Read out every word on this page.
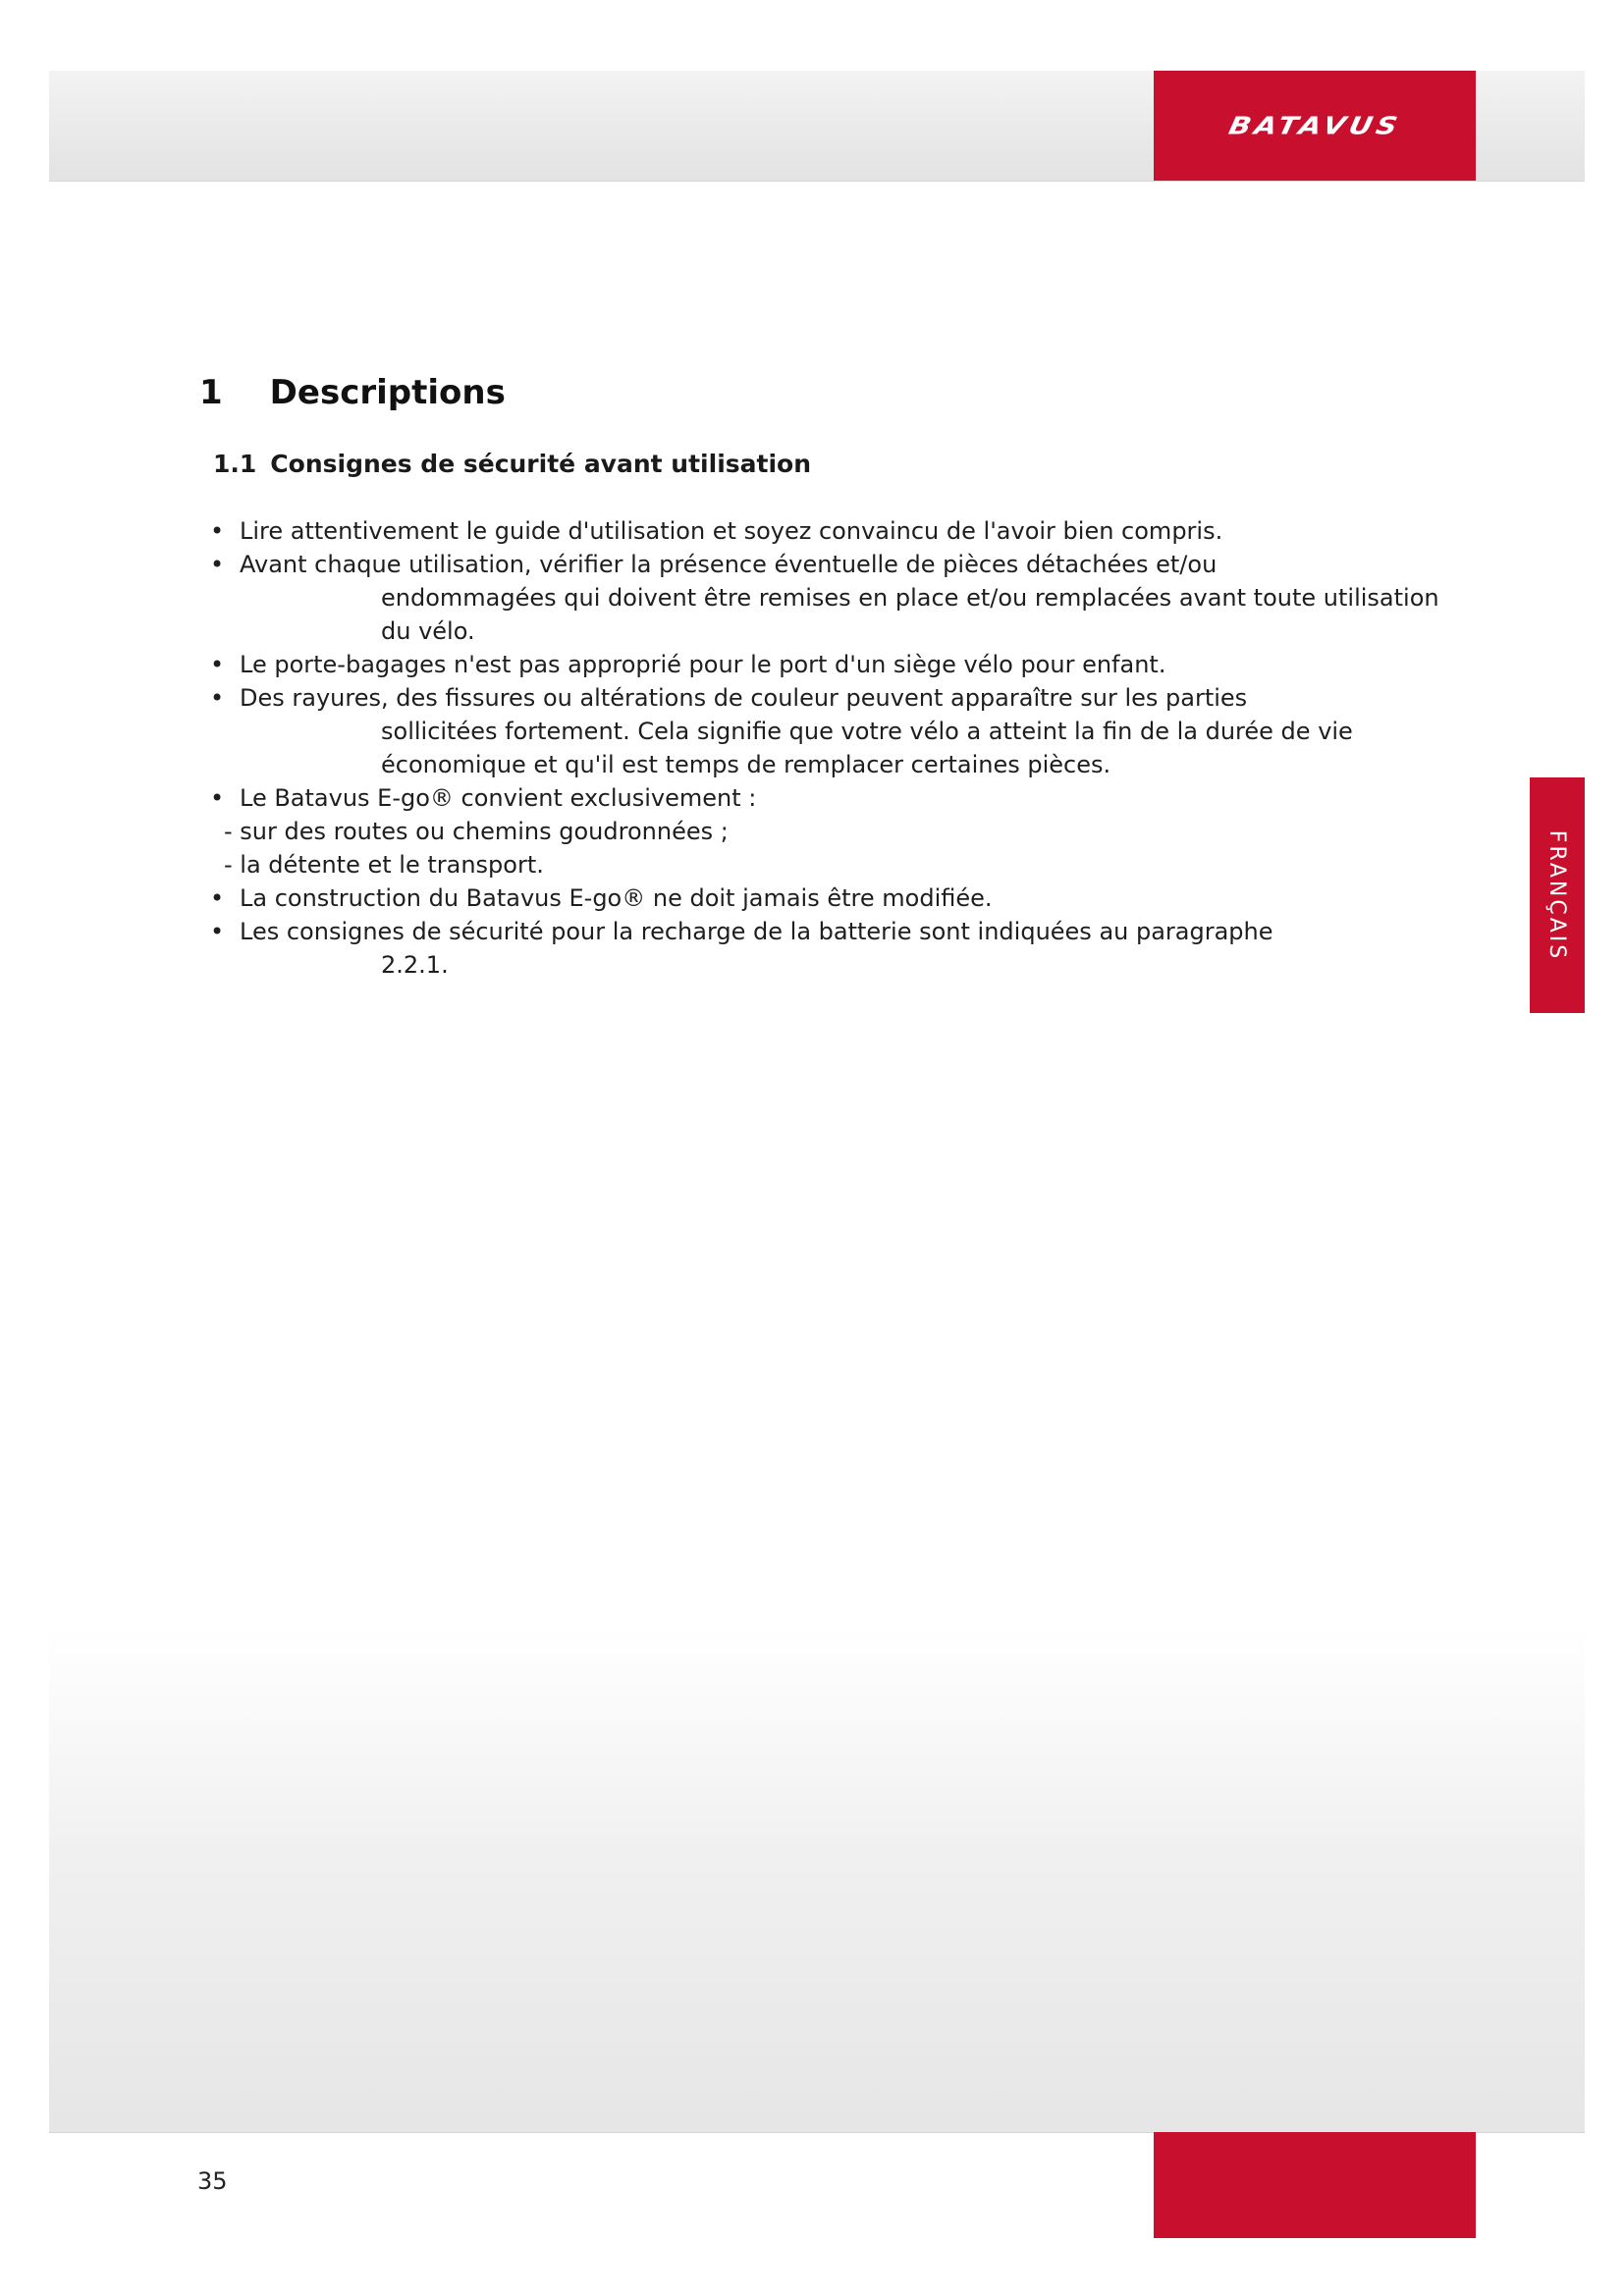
BATAVUS
FRANÇAIS
1 Descriptions
1.1 Consignes de sécurité avant utilisation
• Lire attentivement le guide d'utilisation et soyez convaincu de l'avoir bien compris.
• Avant chaque utilisation, vérifier la présence éventuelle de pièces détachées et/ou
endommagées qui doivent être remises en place et/ou remplacées avant toute utilisation
du vélo.
• Le porte-bagages n'est pas approprié pour le port d'un siège vélo pour enfant.
• Des rayures, des fissures ou altérations de couleur peuvent apparaître sur les parties
sollicitées fortement. Cela signifie que votre vélo a atteint la fin de la durée de vie
économique et qu'il est temps de remplacer certaines pièces.
• Le Batavus E-go® convient exclusivement :
- sur des routes ou chemins goudronnées ;
- la détente et le transport.
• La construction du Batavus E-go® ne doit jamais être modifiée.
• Les consignes de sécurité pour la recharge de la batterie sont indiquées au paragraphe
2.2.1.
35
